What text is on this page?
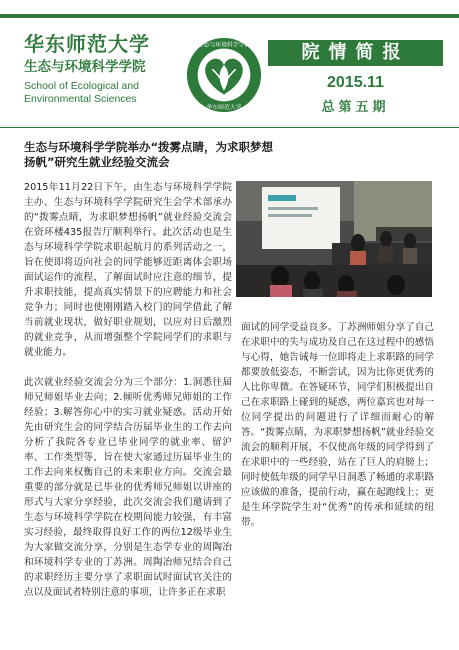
华东师范大学
生态与环境科学学院
School of Ecological and
Environmental Sciences
生态与环境科学学院
华东师范大学
院情简报
2015.11
总第五期
生态与环境科学学院举办“拨雾点睛，为求职梦想
扬帆”研究生就业经验交流会

2015年11月22日下午，由生态与环境科学学院主办、生态与环境科学学院研究生会学术部承办的“拨雾点睛，为求职梦想扬帆”就业经验交流会在资环楼435报告厅顺利举行。此次活动也是生态与环境科学学院求职起航月的系列活动之一，旨在使即将迈向社会的同学能够近距离体会职场面试运作的流程，了解面试时应注意的细节，提升求职技能，提高真实情景下的应聘能力和社会竞争力；同时也使刚刚踏入校门的同学借此了解当前就业现状，做好职业规划，以应对日后激烈的就业竞争，从而增强整个学院同学们的求职与就业能力。

此次就业经验交流会分为三个部分：1.洞悉往届师兄师姐毕业去向；2.倾听优秀师兄师姐的工作经验；3.解答你心中的实习就业疑惑。活动开始先由研究生会的同学结合历届毕业生的工作去向分析了我院各专业已毕业同学的就业率、留沪率、工作类型等，旨在使大家通过历届毕业生的工作去向来权衡自己的未来职业方向。交流会最重要的部分就是已毕业的优秀师兄师姐以讲座的形式与大家分享经验，此次交流会我们邀请到了生态与环境科学学院在校期间能力较强，有丰富实习经验，最终取得良好工作的两位12级毕业生为大家做交流分享，分别是生态学专业的周陶冶和环境科学专业的丁苏洲。周陶冶师兄结合自己的求职经历主要分享了求职面试时面试官关注的点以及面试者特别注意的事项，让许多正在求职

面试的同学受益良多。丁苏洲师姐分享了自己在求职中的失与成功及自己在这过程中的感悟与心得，她告诫每一位即将走上求职路的同学都要放低姿态，不断尝试，因为比你更优秀的人比你卑微。在答疑环节，同学们积极提出自己在求职路上碰到的疑惑，两位嘉宾也对每一位同学提出的问题进行了详细而耐心的解答。“拨雾点睛，为求职梦想扬帆”就业经验交流会的顺利开展，不仅使高年级的同学得到了在求职中的一些经验，站在了巨人的肩膀上；同时使低年级的同学早日洞悉了畅通的求职路应该做的准备，提前行动，赢在起跑线上；更是生环学院学生对“优秀”的传承和延续的纽带。
